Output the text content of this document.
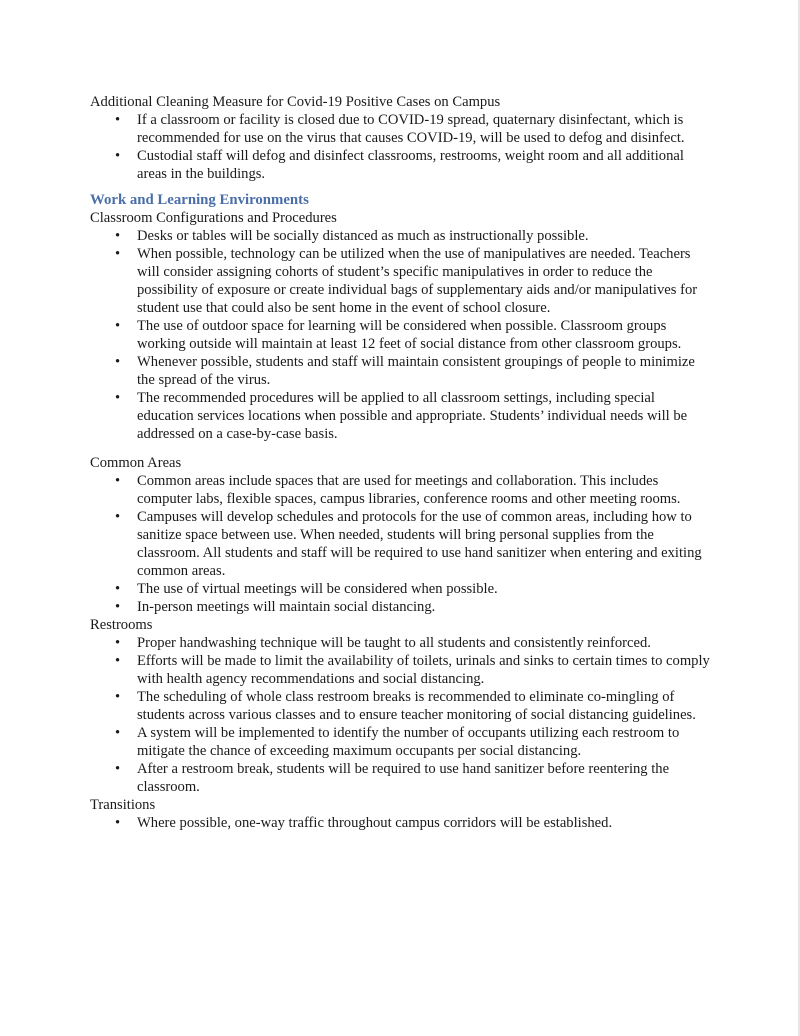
Additional Cleaning Measure for Covid-19 Positive Cases on Campus

• If a classroom or facility is closed due to COVID-19 spread, quaternary disinfectant, which is recommended for use on the virus that causes COVID-19, will be used to defog and disinfect.
• Custodial staff will defog and disinfect classrooms, restrooms, weight room and all additional areas in the buildings.
Work and Learning Environments

Classroom Configurations and Procedures

• Desks or tables will be socially distanced as much as instructionally possible.
• When possible, technology can be utilized when the use of manipulatives are needed. Teachers will consider assigning cohorts of student’s specific manipulatives in order to reduce the possibility of exposure or create individual bags of supplementary aids and/or manipulatives for student use that could also be sent home in the event of school closure.
• The use of outdoor space for learning will be considered when possible. Classroom groups working outside will maintain at least 12 feet of social distance from other classroom groups.
• Whenever possible, students and staff will maintain consistent groupings of people to minimize the spread of the virus.
• The recommended procedures will be applied to all classroom settings, including special education services locations when possible and appropriate. Students’ individual needs will be addressed on a case-by-case basis.

Common Areas

• Common areas include spaces that are used for meetings and collaboration. This includes computer labs, flexible spaces, campus libraries, conference rooms and other meeting rooms.
• Campuses will develop schedules and protocols for the use of common areas, including how to sanitize space between use. When needed, students will bring personal supplies from the classroom. All students and staff will be required to use hand sanitizer when entering and exiting common areas.
• The use of virtual meetings will be considered when possible.
• In-person meetings will maintain social distancing.

Restrooms

• Proper handwashing technique will be taught to all students and consistently reinforced.
• Efforts will be made to limit the availability of toilets, urinals and sinks to certain times to comply with health agency recommendations and social distancing.
• The scheduling of whole class restroom breaks is recommended to eliminate co-mingling of students across various classes and to ensure teacher monitoring of social distancing guidelines.
• A system will be implemented to identify the number of occupants utilizing each restroom to mitigate the chance of exceeding maximum occupants per social distancing.
• After a restroom break, students will be required to use hand sanitizer before reentering the classroom.

Transitions

• Where possible, one-way traffic throughout campus corridors will be established.
